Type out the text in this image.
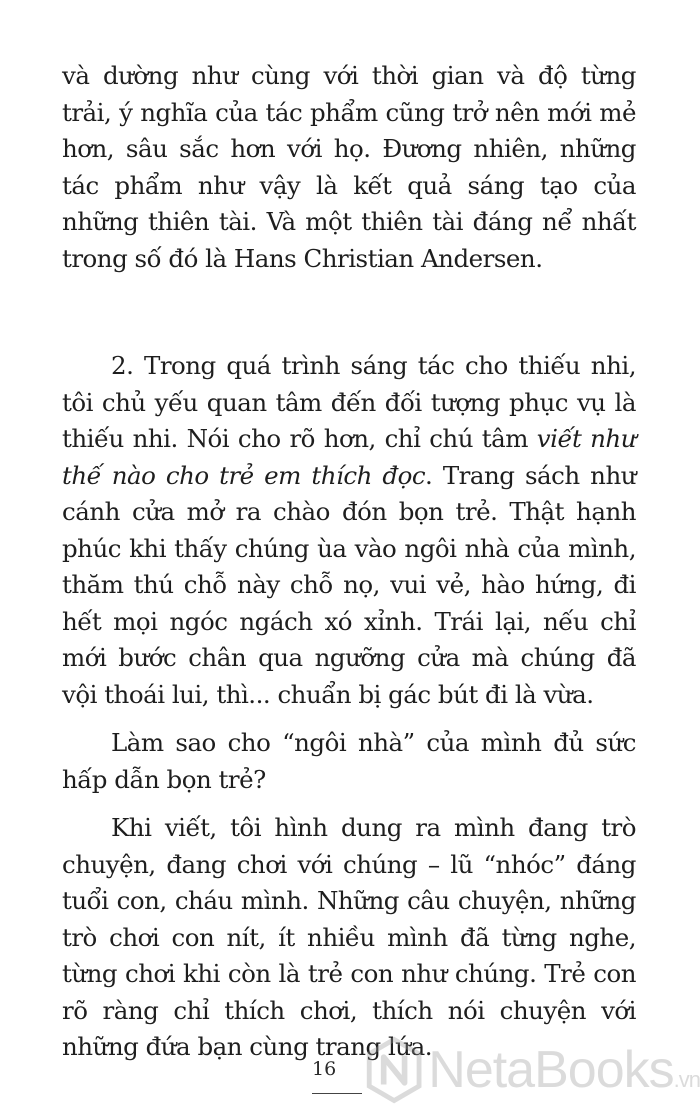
và dường như cùng với thời gian và độ từng trải, ý nghĩa của tác phẩm cũng trở nên mới mẻ hơn, sâu sắc hơn với họ. Đương nhiên, những tác phẩm như vậy là kết quả sáng tạo của những thiên tài. Và một thiên tài đáng nể nhất trong số đó là Hans Christian Andersen.

2. Trong quá trình sáng tác cho thiếu nhi, tôi chủ yếu quan tâm đến đối tượng phục vụ là thiếu nhi. Nói cho rõ hơn, chỉ chú tâm viết như thế nào cho trẻ em thích đọc. Trang sách như cánh cửa mở ra chào đón bọn trẻ. Thật hạnh phúc khi thấy chúng ùa vào ngôi nhà của mình, thăm thú chỗ này chỗ nọ, vui vẻ, hào hứng, đi hết mọi ngóc ngách xó xỉnh. Trái lại, nếu chỉ mới bước chân qua ngưỡng cửa mà chúng đã vội thoái lui, thì... chuẩn bị gác bút đi là vừa.

Làm sao cho “ngôi nhà” của mình đủ sức hấp dẫn bọn trẻ?

Khi viết, tôi hình dung ra mình đang trò chuyện, đang chơi với chúng – lũ “nhóc” đáng tuổi con, cháu mình. Những câu chuyện, những trò chơi con nít, ít nhiều mình đã từng nghe, từng chơi khi còn là trẻ con như chúng. Trẻ con rõ ràng chỉ thích chơi, thích nói chuyện với những đứa bạn cùng trang lứa.

16 NetaBooks.vn
